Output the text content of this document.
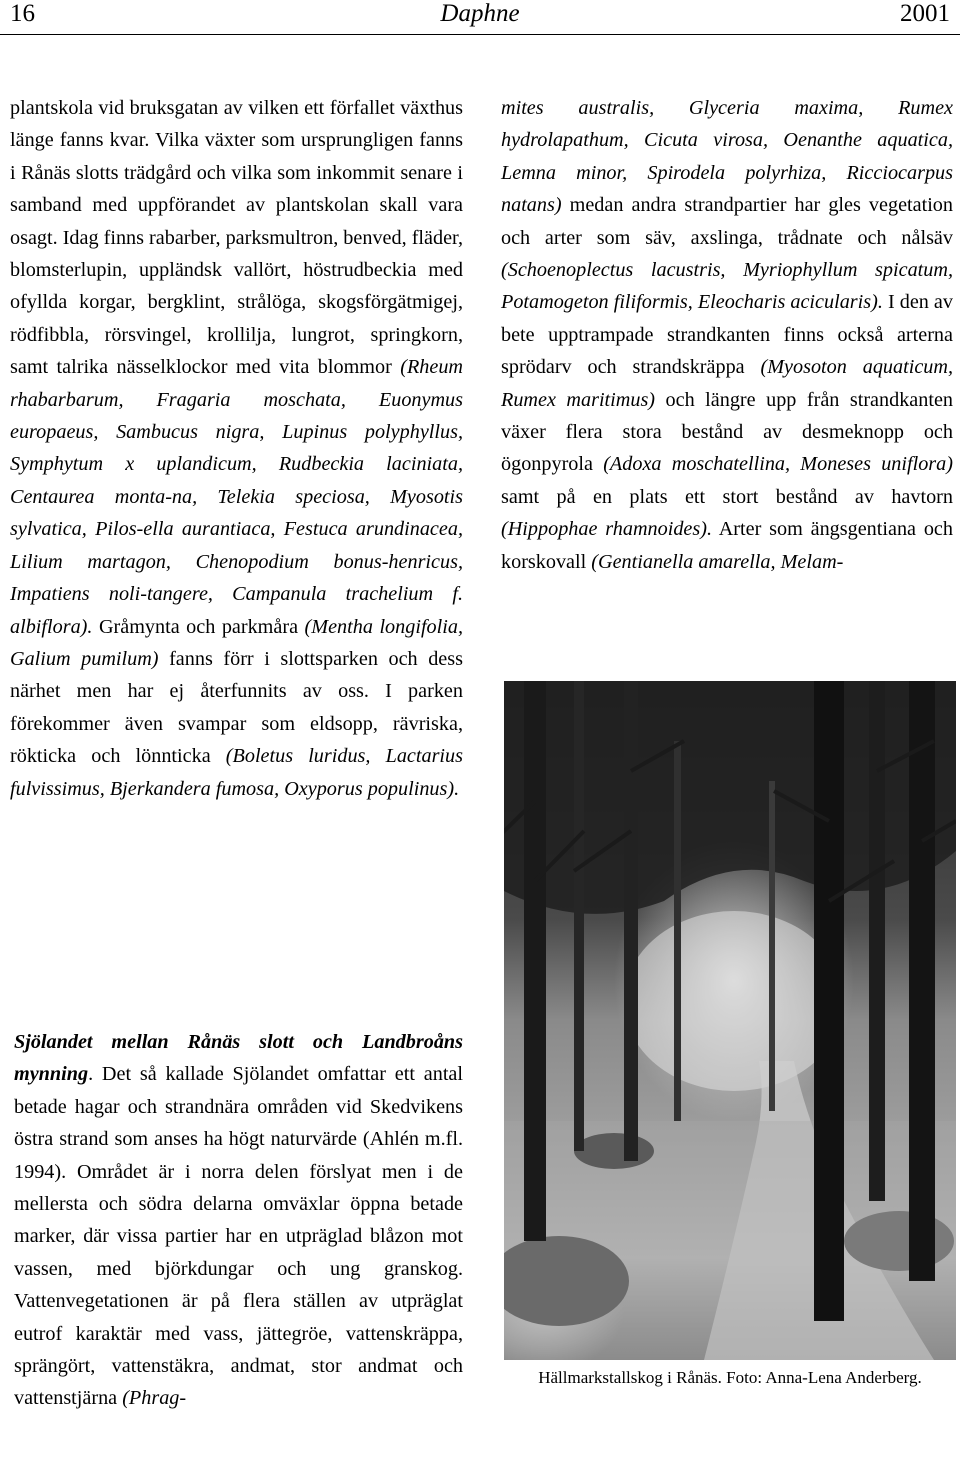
16	Daphne	2001

plantskola vid bruksgatan av vilken ett förfallet växthus länge fanns kvar. Vilka växter som ursprungligen fanns i Rånäs slotts trädgård och vilka som inkommit senare i samband med uppförandet av plantskolan skall vara osagt. Idag finns rabarber, parksmultron, benved, fläder, blomsterlupin, uppländsk vallört, höstrudbeckia med ofyllda korgar, bergklint, strålöga, skogsförgätmigej, rödfibbla, rörsvingel, krollilja, lungrot, springkorn, samt talrika nässelklockor med vita blommor (Rheum rhabarbarum, Fragaria moschata, Euonymus europaeus, Sambucus nigra, Lupinus polyphyllus, Symphytum x uplandicum, Rudbeckia laciniata, Centaurea monta-na, Telekia speciosa, Myosotis sylvatica, Pilos-ella aurantiaca, Festuca arundinacea, Lilium martagon, Chenopodium bonus-henricus, Impatiens noli-tangere, Campanula trachelium f. albiflora). Gråmynta och parkmåra (Mentha longifolia, Galium pumilum) fanns förr i slottsparken och dess närhet men har ej återfunnits av oss. I parken förekommer även svampar som eldsopp, rävriska, rökticka och lönnticka (Boletus luridus, Lactarius fulvissimus, Bjerkandera fumosa, Oxyporus populinus).

Sjölandet mellan Rånäs slott och Landbroåns mynning. Det så kallade Sjölandet omfattar ett antal betade hagar och strandnära områden vid Skedvikens östra strand som anses ha högt naturvärde (Ahlén m.fl. 1994). Området är i norra delen förslyat men i de mellersta och södra delarna omväxlar öppna betade marker, där vissa partier har en utpräglad blåzon mot vassen, med björkdungar och ung granskog. Vattenvegetationen är på flera ställen av utpräglat eutrof karaktär med vass, jättegröe, vattenskräppa, sprängört, vattenstäkra, andmat, stor andmat och vattenstjärna (Phrag-

mites australis, Glyceria maxima, Rumex hydrolapathum, Cicuta virosa, Oenanthe aquatica, Lemna minor, Spirodela polyrhiza, Ricciocarpus natans) medan andra strandpartier har gles vegetation och arter som säv, axslinga, trådnate och nålsäv (Schoenoplectus lacustris, Myriophyllum spicatum, Potamogeton filiformis, Eleocharis acicularis). I den av bete upptrampade strandkanten finns också arterna sprödarv och strandskräppa (Myosoton aquaticum, Rumex maritimus) och längre upp från strandkanten växer flera stora bestånd av desmeknopp och ögonpyrola (Adoxa moschatellina, Moneses uniflora) samt på en plats ett stort bestånd av havtorn (Hippophae rhamnoides). Arter som ängsgentiana och korskovall (Gentianella amarella, Melam-

Hällmarkstallskog i Rånäs. Foto: Anna-Lena Anderberg.
